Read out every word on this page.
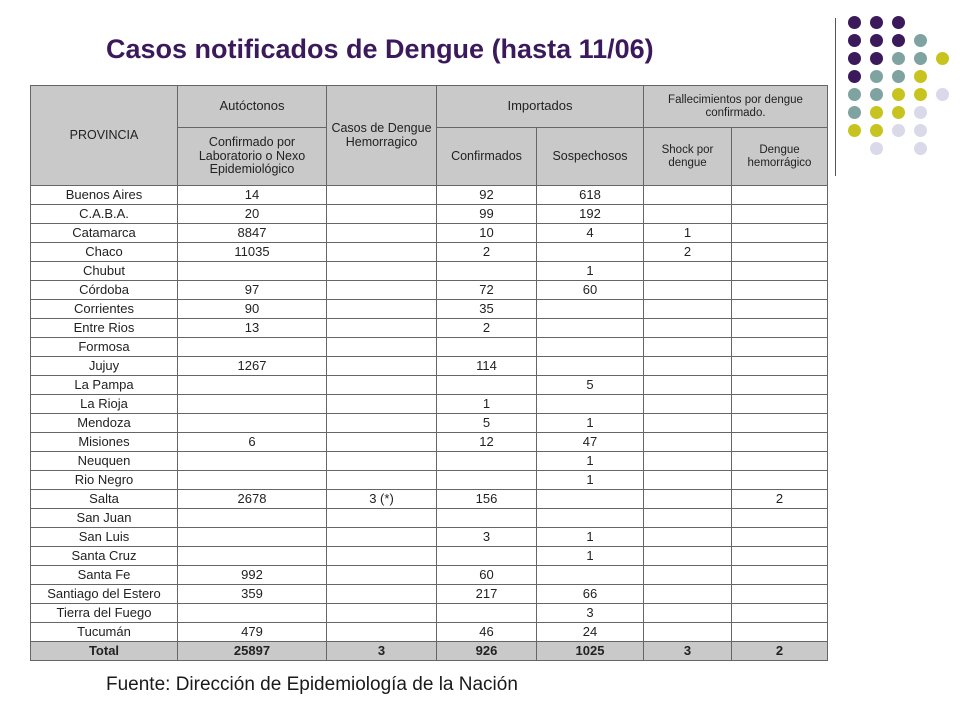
Casos notificados de Dengue (hasta 11/06)
PROVINCIA	Autóctonos	Casos de Dengue Hemorragico	Importados		Fallecimientos por dengue confirmado.	
	Confirmado por Laboratorio o Nexo Epidemiológico		Confirmados	Sospechosos	Shock por dengue	Dengue hemorrágico
Buenos Aires	14		92	618		
C.A.B.A.	20		99	192		
Catamarca	8847		10	4	1	
Chaco	11035		2		2	
Chubut				1		
Córdoba	97		72	60		
Corrientes	90		35			
Entre Rios	13		2			
Formosa						
Jujuy	1267		114			
La Pampa				5		
La Rioja			1			
Mendoza			5	1		
Misiones	6		12	47		
Neuquen				1		
Rio Negro				1		
Salta	2678	3 (*)	156			2
San Juan						
San Luis			3	1		
Santa Cruz				1		
Santa Fe	992		60			
Santiago del Estero	359		217	66		
Tierra del Fuego				3		
Tucumán	479		46	24		
Total	25897	3	926	1025	3	2
Fuente: Dirección de Epidemiología de la Nación
